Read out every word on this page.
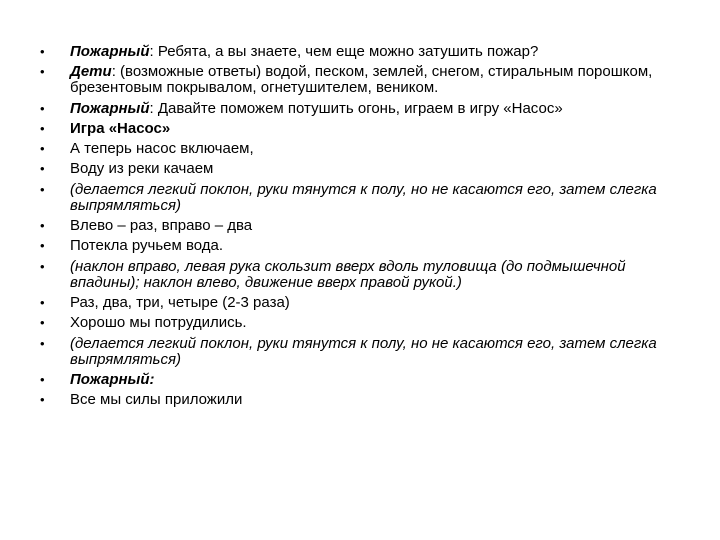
• Пожарный: Ребята, а вы знаете, чем еще можно затушить пожар?
• Дети: (возможные ответы) водой, песком, землей, снегом, стиральным порошком, брезентовым покрывалом, огнетушителем, веником.
• Пожарный: Давайте поможем потушить огонь, играем в игру «Насос»
• Игра «Насос»
• А теперь насос включаем,
• Воду из реки качаем
• (делается легкий поклон, руки тянутся к полу, но не касаются его, затем слегка выпрямляться)
• Влево – раз, вправо – два
• Потекла ручьем вода.
• (наклон вправо, левая рука скользит вверх вдоль туловища (до подмышечной впадины); наклон влево, движение вверх правой рукой.)
• Раз, два, три, четыре (2-3 раза)
• Хорошо мы потрудились.
• (делается легкий поклон, руки тянутся к полу, но не касаются его, затем слегка выпрямляться)
• Пожарный:
• Все мы силы приложили
